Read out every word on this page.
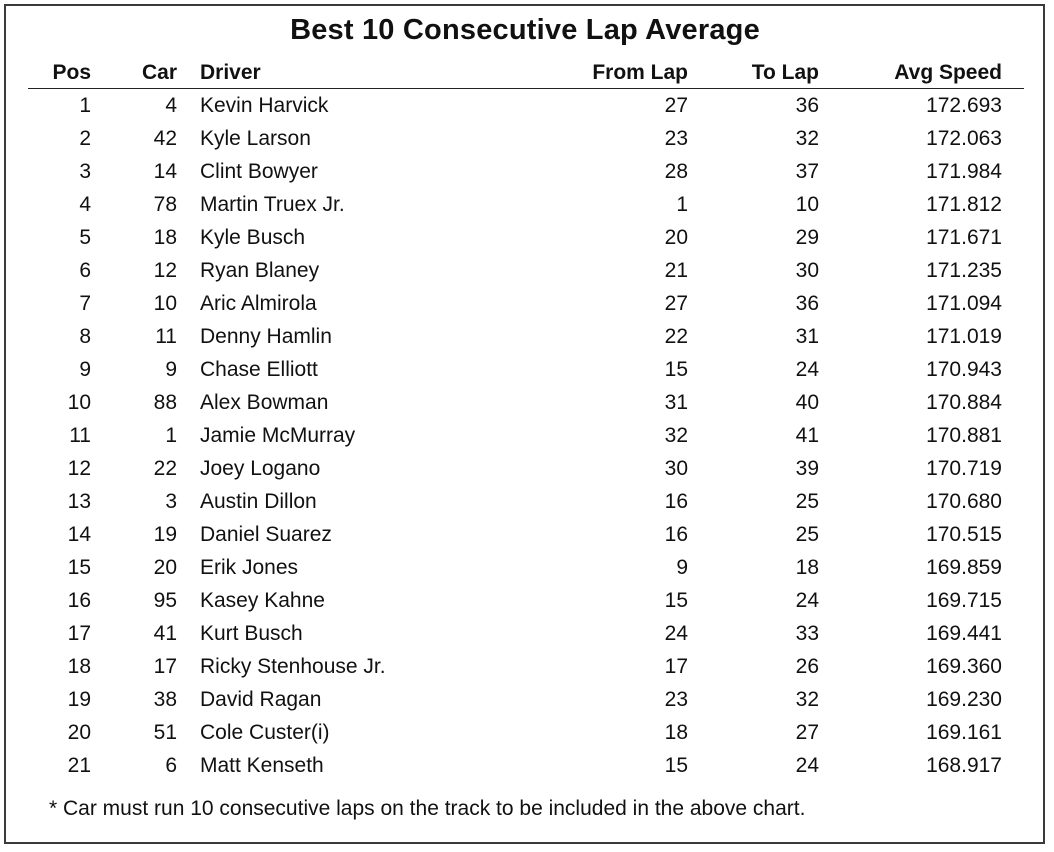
Best 10 Consecutive Lap Average
Pos	Car Driver	From Lap	To Lap	Avg Speed
1	4 Kevin Harvick	27	36	172.693
2	42 Kyle Larson	23	32	172.063
3	14 Clint Bowyer	28	37	171.984
4	78 Martin Truex Jr.	1	10	171.812
5	18 Kyle Busch	20	29	171.671
6	12 Ryan Blaney	21	30	171.235
7	10 Aric Almirola	27	36	171.094
8	11 Denny Hamlin	22	31	171.019
9	9 Chase Elliott	15	24	170.943
10	88 Alex Bowman	31	40	170.884
11	1 Jamie McMurray	32	41	170.881
12	22 Joey Logano	30	39	170.719
13	3 Austin Dillon	16	25	170.680
14	19 Daniel Suarez	16	25	170.515
15	20 Erik Jones	9	18	169.859
16	95 Kasey Kahne	15	24	169.715
17	41 Kurt Busch	24	33	169.441
18	17 Ricky Stenhouse Jr.	17	26	169.360
19	38 David Ragan	23	32	169.230
20	51 Cole Custer(i)	18	27	169.161
21	6 Matt Kenseth	15	24	168.917
* Car must run 10 consecutive laps on the track to be included in the above chart.
